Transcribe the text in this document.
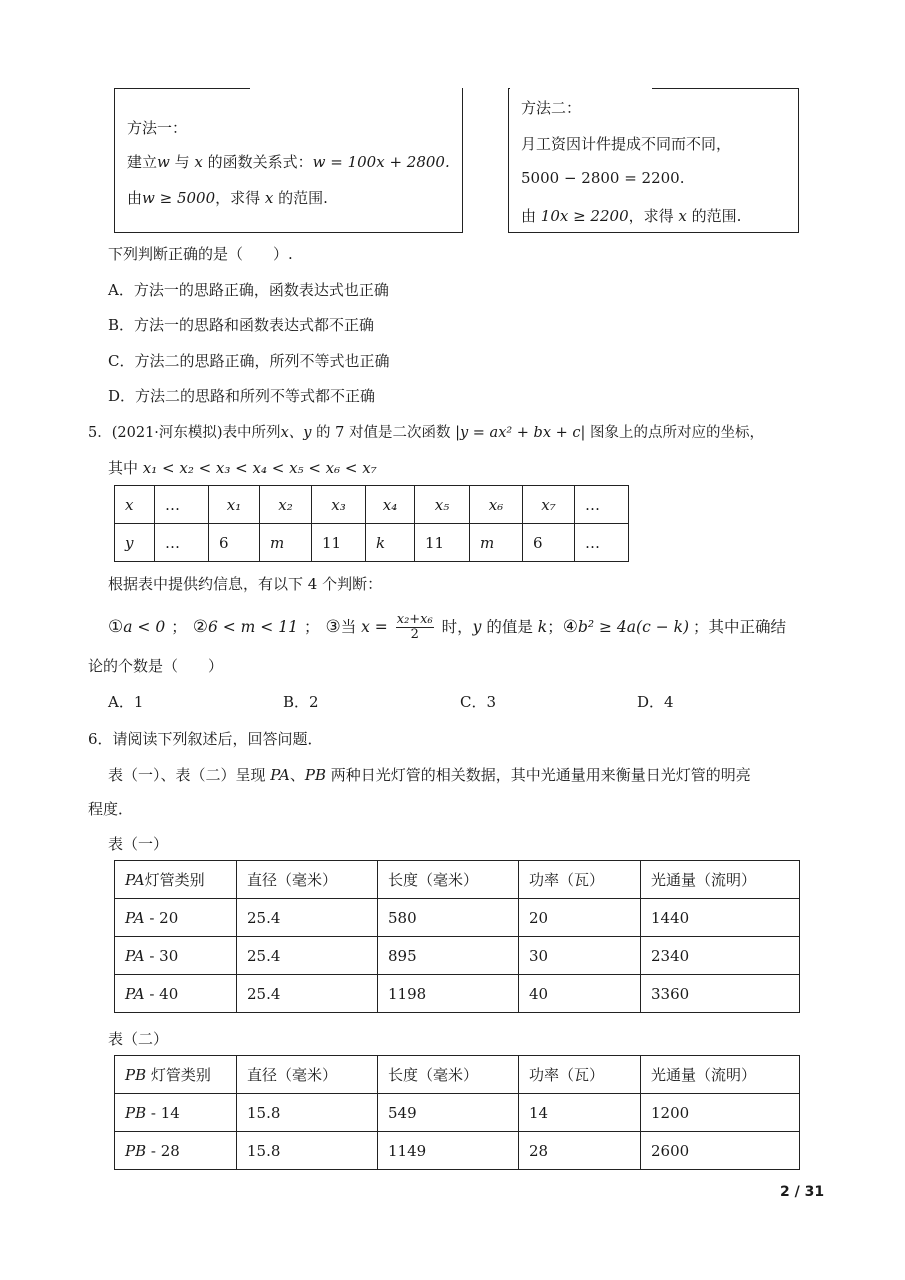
方法一：
建立w 与 x 的函数关系式：w = 100x + 2800.
由w ≥ 5000，求得 x 的范围.
方法二：
月工资因计件提成不同而不同，
5000 − 2800 = 2200.
由 10x ≥ 2200，求得 x 的范围.
下列判断正确的是（　　）.
A．方法一的思路正确，函数表达式也正确
B．方法一的思路和函数表达式都不正确
C．方法二的思路正确，所列不等式也正确
D．方法二的思路和所列不等式都不正确
5．(2021·河东模拟)表中所列x、y 的 7 对值是二次函数 |y = ax² + bx + c| 图象上的点所对应的坐标，
其中 x₁ < x₂ < x₃ < x₄ < x₅ < x₆ < x₇
x	…	x₁	x₂	x₃	x₄	x₅	x₆	x₇	…
y	…	6	m	11	k	11	m	6	…
根据表中提供约信息，有以下 4 个判断：
①a < 0 ； ②6 < m < 11 ； ③当 $x = \frac{\text{x₂+x₆}}{2}$ 时，y 的值是 k；④b² ≥ 4a(c − k) ；其中正确结
论的个数是（　　）
A．1	B．2	C．3	D．4
6．请阅读下列叙述后，回答问题．
表（一）、表（二）呈现 PA、PB 两种日光灯管的相关数据，其中光通量用来衡量日光灯管的明亮
程度．
表（一）
PA灯管类别	直径（毫米）	长度（毫米）	功率（瓦）	光通量（流明）
PA - 20	25.4	580	20	1440
PA - 30	25.4	895	30	2340
PA - 40	25.4	1198	40	3360
表（二）
PB 灯管类别	直径（毫米）	长度（毫米）	功率（瓦）	光通量（流明）
PB - 14	15.8	549	14	1200
PB - 28	15.8	1149	28	2600
2 / 31
